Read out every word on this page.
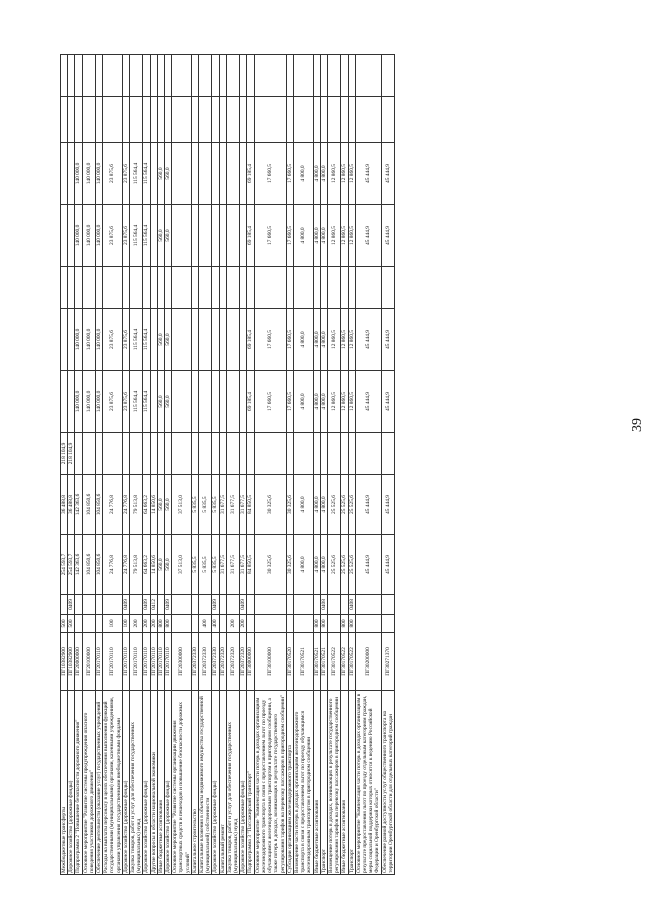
39
Межбюджетные трансферты	ПГ10382900	500		254 593,7	36 488,8	218 104,9							
Дорожное хозяйство (дорожные фонды)	ПГ10382900	500	0409	254 593,7	36 488,8	218 104,9							
Подпрограмма 2 "Повышение безопасности дорожного движения"	ПГ20000000			142 363,6	142 363,6		140 000,0	140 000,0		140 000,0	140 000,0		
Основное мероприятие "Развитие системы предупреждения опасного поведения участников дорожного движения"	ПГ20100000			104 850,6	104 850,6		140 000,0	140 000,0		140 000,0	140 000,0		
Обеспечение деятельности (оказание услуг) государственных учреждений	ПГ20170110			104 850,6	104 850,6		140 000,0	140 000,0		140 000,0	140 000,0		
Расходы на выплаты персоналу в целях обеспечения выполнения функций государственными (муниципальными) органами, казенными учреждениями, органами управления государственными внебюджетными фондами	ПГ20170110	100		24 776,8	24 776,8		23 875,6	23 875,6		23 875,6	23 875,6		
Дорожное хозяйство (дорожные фонды)	ПГ20170110	100	0409	24 776,8	24 776,8		23 875,6	23 875,6		23 875,6	23 875,6		
Закупка товаров, работ и услуг для обеспечения государственных (муниципальных) нужд	ПГ20170110	200		79 513,8	79 513,8		115 564,4	115 564,4		115 564,4	115 564,4		
Дорожное хозяйство (дорожные фонды)	ПГ20170110	200	0409	64 663,2	64 663,2		115 564,4	115 564,4		115 564,4	115 564,4		
Другие вопросы в области национальной экономики	ПГ20170110	200	0412	14 850,6	14 850,6								
Иные бюджетные ассигнования	ПГ20170110	800		560,0	560,0		560,0	560,0		560,0	560,0		
Дорожное хозяйство (дорожные фонды)	ПГ20170110	800	0409	560,0	560,0		560,0	560,0		560,0	560,0		
Основное мероприятие "Развитие системы организации движения транспортных средств и пешеходов и повышение безопасности дорожных условий"	ПГ20300000			37 513,0	37 513,0								
Капитальное строительство	ПГ20372330			5 835,5	5 835,5								
Капитальные вложения в объекты недвижимого имущества государственной (муниципальной) собственности	ПГ20372330	400		5 835,5	5 835,5								
Дорожное хозяйство (дорожные фонды)	ПГ20372330	400	0409	5 835,5	5 835,5								
Капитальный ремонт	ПГ20372320			31 677,5	31 677,5								
Закупка товаров, работ и услуг для обеспечения государственных (муниципальных) нужд	ПГ20372320	200		31 677,5	31 677,5								
Дорожное хозяйство (дорожные фонды)	ПГ20372320	200	0409	31 677,5	31 677,5								
Подпрограмма 3 "Пассажирский транспорт"	ПГ30000000			84 850,5	84 850,5		69 185,4	69 185,4		69 185,4	69 185,4		
Основное мероприятие "Компенсация части потерь в доходах организациям железнодорожного транспорта в связи с предоставлением льгот по проезду обучающимся железнодорожным транспортом в пригородном сообщении, а также потерь в доходах, возникающих в результате государственного регулирования тарифов на перевозку пассажиров в пригородном сообщении"	ПГ30100000			30 325,6	30 325,6		17 660,5	17 660,5		17 660,5	17 660,5		
Субсидии организациям железнодорожного транспорта	ПГ30170520			30 325,6	30 325,6		17 660,5	17 660,5		17 660,5	17 660,5		
Возмещение части потерь в доходах организациям железнодорожного транспорта в связи с предоставлением льгот по проезду обучающимся железнодорожным транспортом в пригородном сообщении	ПГ30170521			4 800,0	4 800,0		4 800,0	4 800,0		4 800,0	4 800,0		
Иные бюджетные ассигнования	ПГ30170521	800		4 800,0	4 800,0		4 800,0	4 800,0		4 800,0	4 800,0		
Транспорт	ПГ30170521	800	0408	4 800,0	4 800,0		4 800,0	4 800,0		4 800,0	4 800,0		
Возмещение потерь в доходах, возникающих в результате государственного регулирования тарифов на перевозку пассажиров в пригородном сообщении	ПГ30170522			25 525,6	25 525,6		12 860,5	12 860,5		12 860,5	12 860,5		
Иные бюджетные ассигнования	ПГ30170522	800		25 525,6	25 525,6		12 860,5	12 860,5		12 860,5	12 860,5		
Транспорт	ПГ30170522	800	0408	25 525,6	25 525,6		12 860,5	12 860,5		12 860,5	12 860,5		
Основное мероприятие "Компенсация части потерь в доходах организациям в результате предоставления льгот по проезду отдельным категориям граждан, меры социальной поддержки которых относятся к ведению Российской Федерации и Оренбургской области"	ПГ30200000			45 444,9	45 444,9		45 444,9	45 444,9		45 444,9	45 444,9		
Обеспечение равной доступности услуг общественного транспорта на территории Оренбургской области для отдельных категорий граждан	ПГ30271370			45 444,9	45 444,9		45 444,9	45 444,9		45 444,9	45 444,9		
